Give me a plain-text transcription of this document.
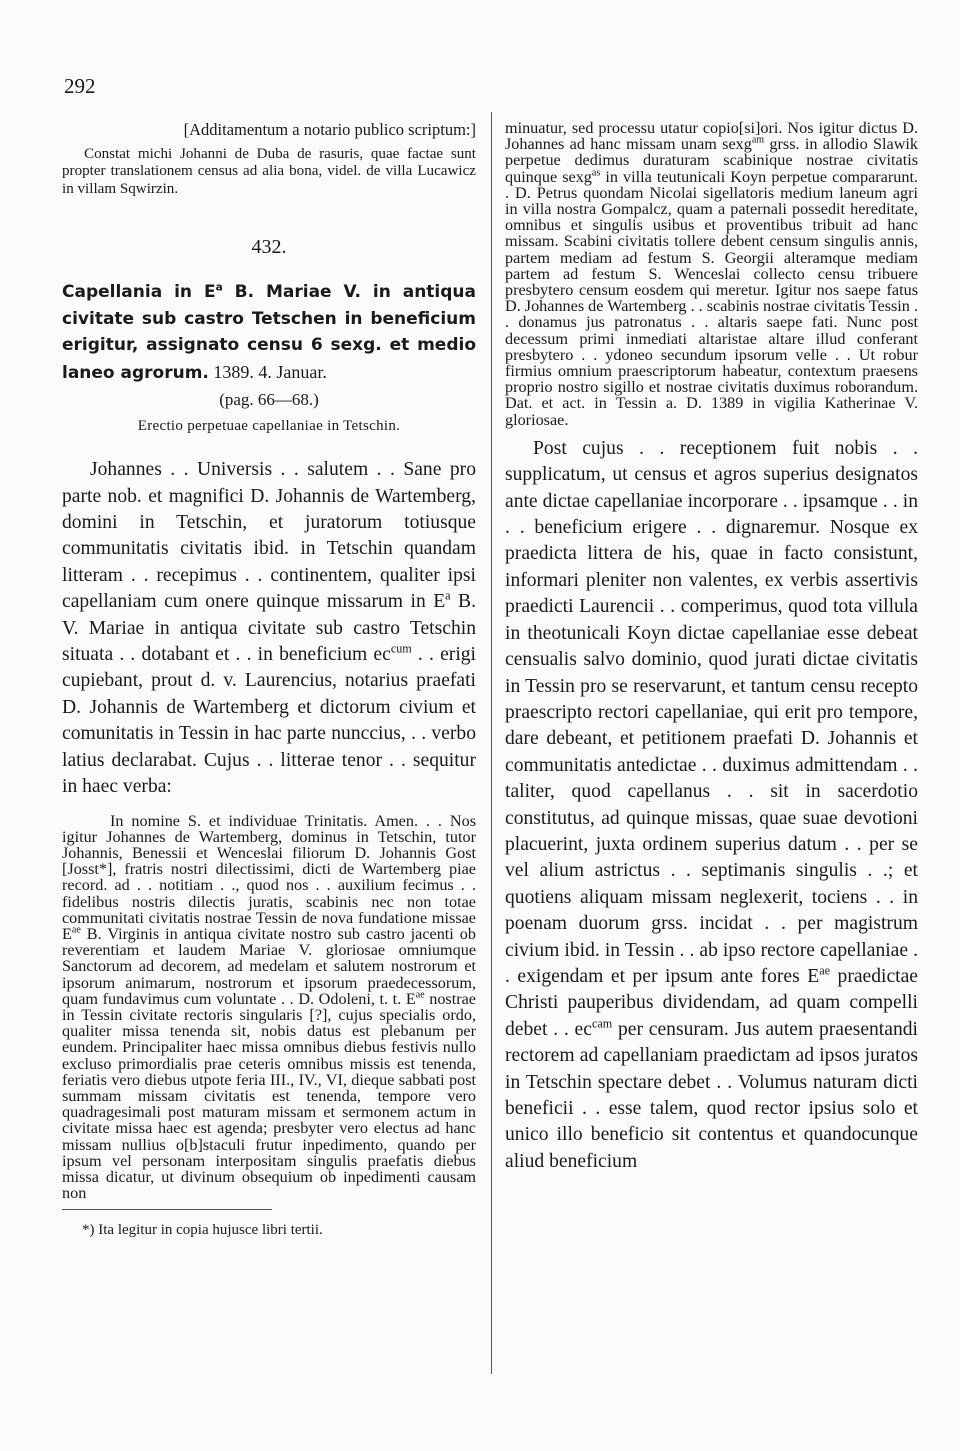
292

[Additamentum a notario publico scriptum:]

Constat michi Johanni de Duba de rasuris, quae factae sunt propter translationem census ad alia bona, videl. de villa Lucawicz in villam Sqwirzin.

432.

Capellania in $E^a$ B. Mariae V. in antiqua civitate sub castro Tetschen in beneficium erigitur, assignato censu 6 sexg. et medio laneo agrorum. 1389. 4. Januar.

(pag. 66—68.)
Erectio perpetuae capellaniae in Tetschin.

Johannes . . Universis . . salutem . . Sane pro parte nob. et magnifici D. Johannis de Wartemberg, domini in Tetschin, et juratorum totiusque communitatis civitatis ibid. in Tetschin quandam litteram . . recepimus . . continentem, qualiter ipsi capellaniam cum onere quinque missarum in $E^a$ B. V. Mariae in antiqua civitate sub castro Tetschin situata . . dotabant et . . in beneficium $ec^{cum}$ . . erigi cupiebant, prout d. v. Laurencius, notarius praefati D. Johannis de Wartemberg et dictorum civium et comunitatis in Tessin in hac parte nunccius, . . verbo latius declarabat. Cujus . . litterae tenor . . sequitur in haec verba:

In nomine S. et individuae Trinitatis. Amen. . . Nos igitur Johannes de Wartemberg, dominus in Tetschin, tutor Johannis, Benessii et Wenceslai filiorum D. Johannis Gost [Josst*], fratris nostri dilectissimi, dicti de Wartemberg piae record. ad . . notitiam . ., quod nos . . auxilium fecimus . . fidelibus nostris dilectis juratis, scabinis nec non totae communitati civitatis nostrae Tessin de nova fundatione missae $E^{ae}$ B. Virginis in antiqua civitate nostro sub castro jacenti ob reverentiam et laudem Mariae V. gloriosae omniumque Sanctorum ad decorem, ad medelam et salutem nostrorum et ipsorum animarum, nostrorum et ipsorum praedecessorum, quam fundavimus cum voluntate . . D. Odoleni, t. t. $E^{ae}$ nostrae in Tessin civitate rectoris singularis [?], cujus specialis ordo, qualiter missa tenenda sit, nobis datus est plebanum per eundem. Principaliter haec missa omnibus diebus festivis nullo excluso primordialis prae ceteris omnibus missis est tenenda, feriatis vero diebus utpote feria III., IV., VI, dieque sabbati post summam missam civitatis est tenenda, tempore vero quadragesimali post maturam missam et sermonem actum in civitate missa haec est agenda; presbyter vero electus ad hanc missam nullius o[b]staculi frutur inpedimento, quando per ipsum vel personam interpositam singulis praefatis diebus missa dicatur, ut divinum obsequium ob inpedimenti causam non

*) Ita legitur in copia hujusce libri tertii.

minuatur, sed processu utatur copio[si]ori. Nos igitur dictus D. Johannes ad hanc missam unam sexg$^{am}$ grss. in allodio Slawik perpetue dedimus duraturam scabinique nostrae civitatis quinque sexg$^{as}$ in villa teutunicali Koyn perpetue compararunt. . D. Petrus quondam Nicolai sigellatoris medium laneum agri in villa nostra Gompalcz, quam a paternali possedit hereditate, omnibus et singulis usibus et proventibus tribuit ad hanc missam. Scabini civitatis tollere debent censum singulis annis, partem mediam ad festum S. Georgii alteramque mediam partem ad festum S. Wenceslai collecto censu tribuere presbytero censum eosdem qui meretur. Igitur nos saepe fatus D. Johannes de Wartemberg . . scabinis nostrae civitatis Tessin . . donamus jus patronatus . . altaris saepe fati. Nunc post decessum primi inmediati altaristae altare illud conferant presbytero . . ydoneo secundum ipsorum velle . . Ut robur firmius omnium praescriptorum habeatur, contextum praesens proprio nostro sigillo et nostrae civitatis duximus roborandum. Dat. et act. in Tessin a. D. 1389 in vigilia Katherinae V. gloriosae.

Post cujus . . receptionem fuit nobis . . supplicatum, ut census et agros superius designatos ante dictae capellaniae incorporare . . ipsamque . . in . . beneficium erigere . . dignaremur. Nosque ex praedicta littera de his, quae in facto consistunt, informari pleniter non valentes, ex verbis assertivis praedicti Laurencii . . comperimus, quod tota villula in theotunicali Koyn dictae capellaniae esse debeat censualis salvo dominio, quod jurati dictae civitatis in Tessin pro se reservarunt, et tantum censu recepto praescripto rectori capellaniae, qui erit pro tempore, dare debeant, et petitionem praefati D. Johannis et communitatis antedictae . . duximus admittendam . . taliter, quod capellanus . . sit in sacerdotio constitutus, ad quinque missas, quae suae devotioni placuerint, juxta ordinem superius datum . . per se vel alium astrictus . . septimanis singulis . .; et quotiens aliquam missam neglexerit, tociens . . in poenam duorum grss. incidat . . per magistrum civium ibid. in Tessin . . ab ipso rectore capellaniae . . exigendam et per ipsum ante fores $E^{ae}$ praedictae Christi pauperibus dividendam, ad quam compelli debet . . $ec^{cam}$ per censuram. Jus autem praesentandi rectorem ad capellaniam praedictam ad ipsos juratos in Tetschin spectare debet . . Volumus naturam dicti beneficii . . esse talem, quod rector ipsius solo et unico illo beneficio sit contentus et quandocunque aliud beneficium
